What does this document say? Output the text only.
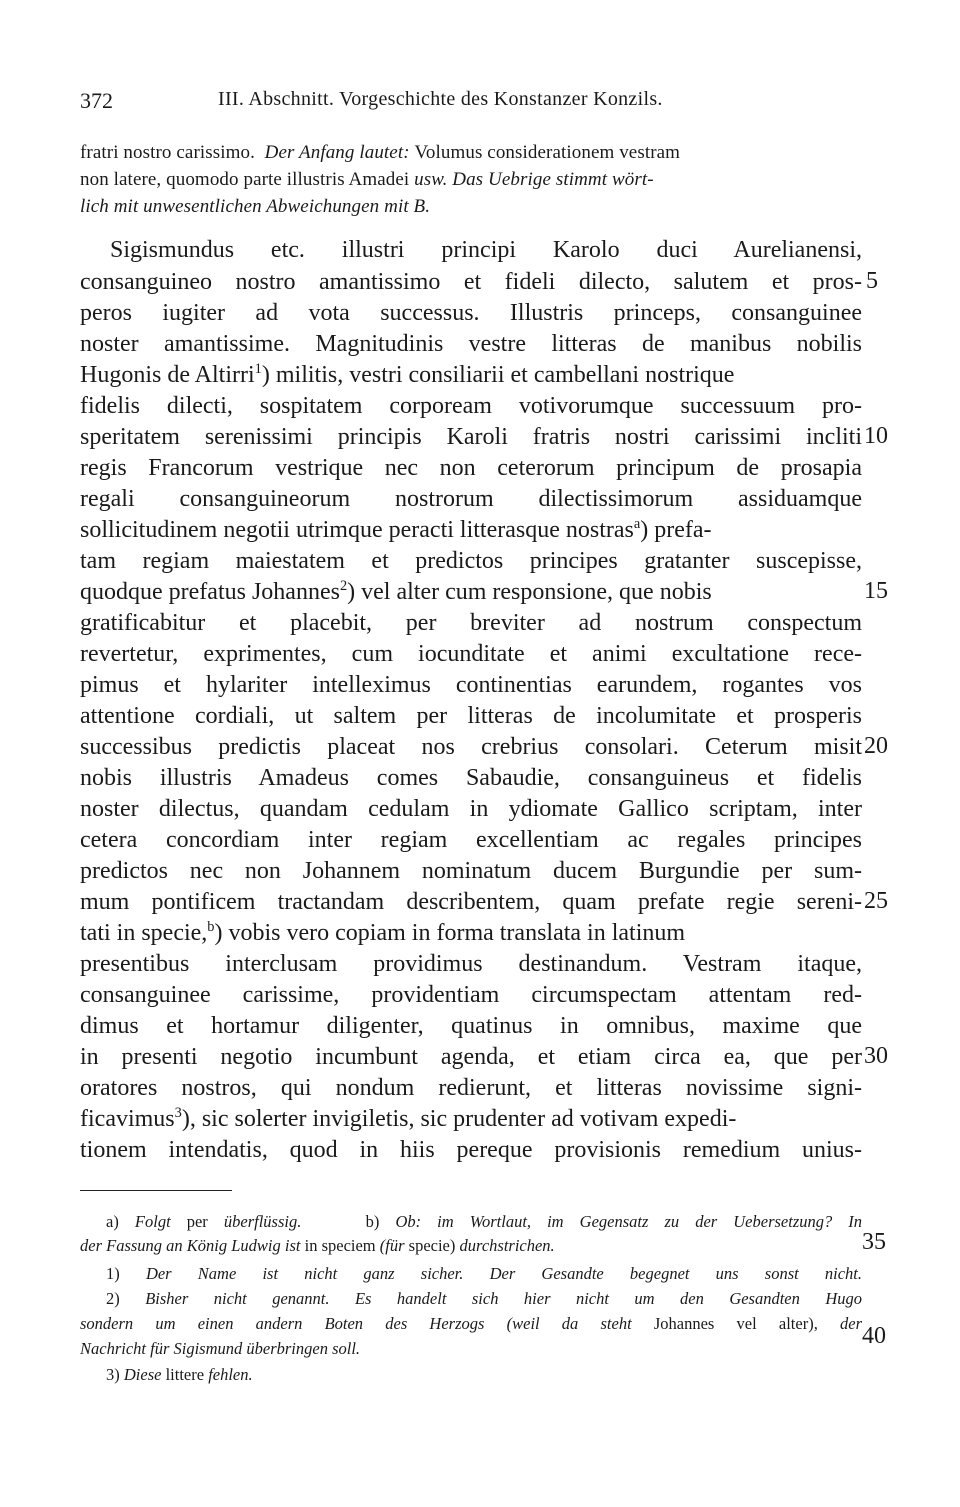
372	III. Abschnitt. Vorgeschichte des Konstanzer Konzils.
fratri nostro carissimo. Der Anfang lautet: Volumus considerationem vestram
non latere, quomodo parte illustris Amadei usw. Das Uebrige stimmt wört-
lich mit unwesentlichen Abweichungen mit B.
Sigismundus etc. illustri principi Karolo duci Aurelianensi,
consanguineo nostro amantissimo et fideli dilecto, salutem et pros-
peros iugiter ad vota successus. Illustris princeps, consanguinee
noster amantissime. Magnitudinis vestre litteras de manibus nobilis
Hugonis de Altirri$^1$) militis, vestri consiliarii et cambellani nostrique
fidelis dilecti, sospitatem corpoream votivorumque successuum pro-
speritatem serenissimi principis Karoli fratris nostri carissimi incliti
regis Francorum vestrique nec non ceterorum principum de prosapia
regali consanguineorum nostrorum dilectissimorum assiduamque
sollicitudinem negotii utrimque peracti litterasque nostras$^a$) prefa-
tam regiam maiestatem et predictos principes gratanter suscepisse,
quodque prefatus Johannes$^2$) vel alter cum responsione, que nobis
gratificabitur et placebit, per breviter ad nostrum conspectum
revertetur, exprimentes, cum iocunditate et animi excultatione rece-
pimus et hylariter intelleximus continentias earundem, rogantes vos
attentione cordiali, ut saltem per litteras de incolumitate et prosperis
successibus predictis placeat nos crebrius consolari. Ceterum misit
nobis illustris Amadeus comes Sabaudie, consanguineus et fidelis
noster dilectus, quandam cedulam in ydiomate Gallico scriptam, inter
cetera concordiam inter regiam excellentiam ac regales principes
predictos nec non Johannem nominatum ducem Burgundie per sum-
mum pontificem tractandam describentem, quam prefate regie sereni-
tati in specie,$^b$) vobis vero copiam in forma translata in latinum
presentibus interclusam providimus destinandum. Vestram itaque,
consanguinee carissime, providentiam circumspectam attentam red-
dimus et hortamur diligenter, quatinus in omnibus, maxime que
in presenti negotio incumbunt agenda, et etiam circa ea, que per
oratores nostros, qui nondum redierunt, et litteras novissime signi-
ficavimus$^3$), sic solerter invigiletis, sic prudenter ad votivam expedi-
tionem intendatis, quod in hiis pereque provisionis remedium unius-
5
10
15
20
25
30
35
40
a) Folgt per überflüssig.	b) Ob: im Wortlaut, im Gegensatz zu der Uebersetzung? In
der Fassung an König Ludwig ist in speciem (für specie) durchstrichen.
1) Der Name ist nicht ganz sicher. Der Gesandte begegnet uns sonst nicht.
2) Bisher nicht genannt. Es handelt sich hier nicht um den Gesandten Hugo
sondern um einen andern Boten des Herzogs (weil da steht Johannes vel alter), der
Nachricht für Sigismund überbringen soll.
3) Diese littere fehlen.
